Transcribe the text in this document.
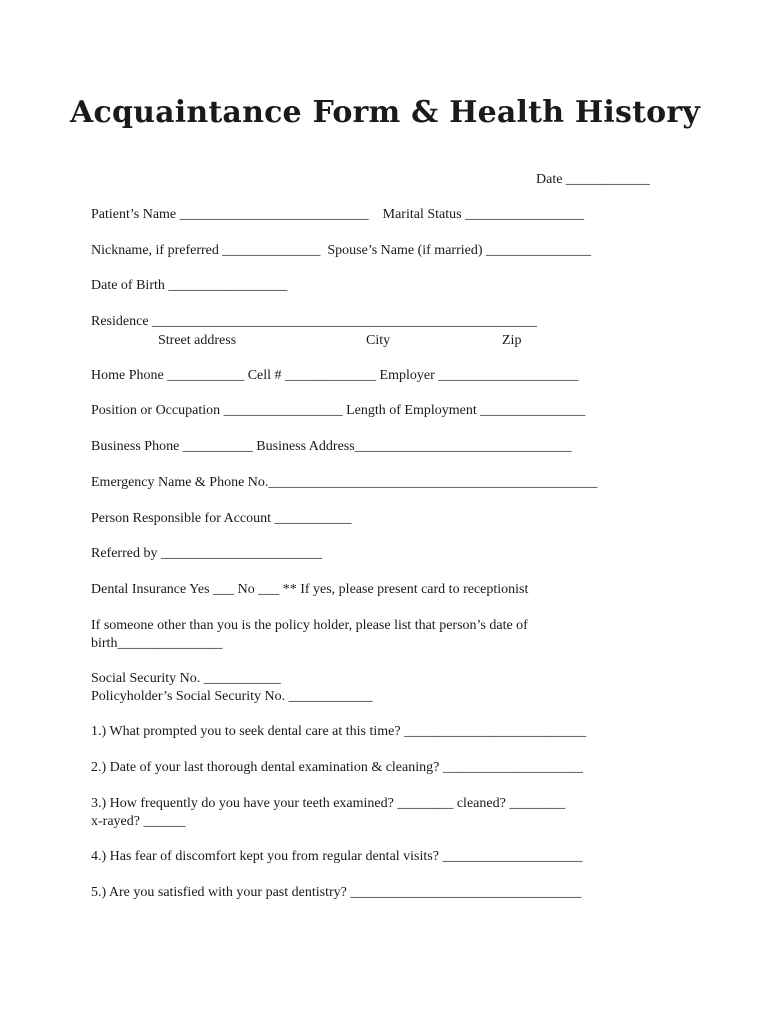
Acquaintance Form & Health History
Date ____________
Patient’s Name ___________________________    Marital Status _________________
Nickname, if preferred ______________  Spouse’s Name (if married) _______________
Date of Birth _________________
Residence _______________________________________________________
Street address	City	Zip
Home Phone ___________ Cell # _____________ Employer ____________________
Position or Occupation _________________ Length of Employment _______________
Business Phone __________ Business Address_______________________________
Emergency Name & Phone No._______________________________________________
Person Responsible for Account ___________
Referred by _______________________
Dental Insurance Yes ___ No ___ ** If yes, please present card to receptionist
If someone other than you is the policy holder, please list that person’s date of
birth_______________
Social Security No. ___________
Policyholder’s Social Security No. ____________
1.) What prompted you to seek dental care at this time? __________________________
2.) Date of your last thorough dental examination & cleaning? ____________________
3.) How frequently do you have your teeth examined? ________ cleaned? ________
x-rayed? ______
4.) Has fear of discomfort kept you from regular dental visits? ____________________
5.) Are you satisfied with your past dentistry? _________________________________
